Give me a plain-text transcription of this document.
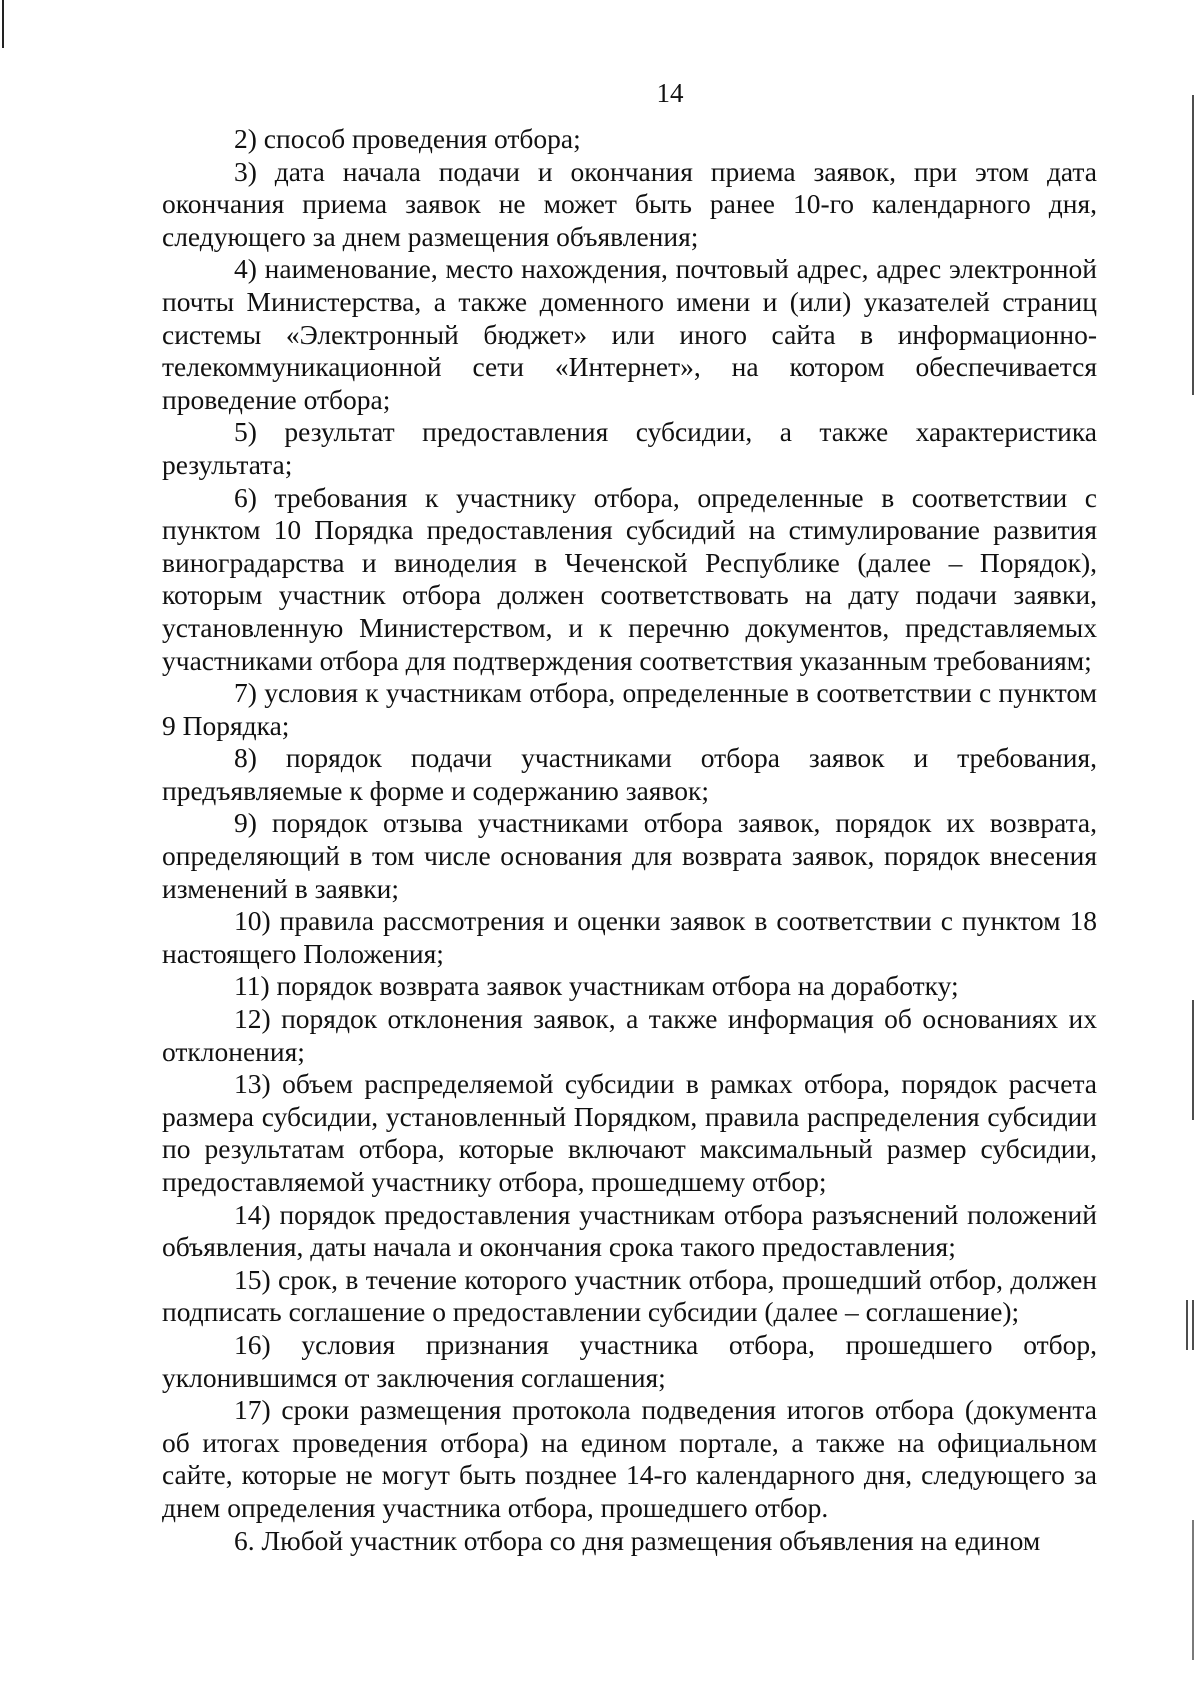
14

2) способ проведения отбора;

3) дата начала подачи и окончания приема заявок, при этом дата окончания приема заявок не может быть ранее 10-го календарного дня, следующего за днем размещения объявления;

4) наименование, место нахождения, почтовый адрес, адрес электронной почты Министерства, а также доменного имени и (или) указателей страниц системы «Электронный бюджет» или иного сайта в информационно-телекоммуникационной сети «Интернет», на котором обеспечивается проведение отбора;

5) результат предоставления субсидии, а также характеристика результата;

6) требования к участнику отбора, определенные в соответствии с пунктом 10 Порядка предоставления субсидий на стимулирование развития виноградарства и виноделия в Чеченской Республике (далее – Порядок), которым участник отбора должен соответствовать на дату подачи заявки, установленную Министерством, и к перечню документов, представляемых участниками отбора для подтверждения соответствия указанным требованиям;

7) условия к участникам отбора, определенные в соответствии с пунктом 9 Порядка;

8) порядок подачи участниками отбора заявок и требования, предъявляемые к форме и содержанию заявок;

9) порядок отзыва участниками отбора заявок, порядок их возврата, определяющий в том числе основания для возврата заявок, порядок внесения изменений в заявки;

10) правила рассмотрения и оценки заявок в соответствии с пунктом 18 настоящего Положения;

11) порядок возврата заявок участникам отбора на доработку;

12) порядок отклонения заявок, а также информация об основаниях их отклонения;

13) объем распределяемой субсидии в рамках отбора, порядок расчета размера субсидии, установленный Порядком, правила распределения субсидии по результатам отбора, которые включают максимальный размер субсидии, предоставляемой участнику отбора, прошедшему отбор;

14) порядок предоставления участникам отбора разъяснений положений объявления, даты начала и окончания срока такого предоставления;

15) срок, в течение которого участник отбора, прошедший отбор, должен подписать соглашение о предоставлении субсидии (далее – соглашение);

16) условия признания участника отбора, прошедшего отбор, уклонившимся от заключения соглашения;

17) сроки размещения протокола подведения итогов отбора (документа об итогах проведения отбора) на едином портале, а также на официальном сайте, которые не могут быть позднее 14-го календарного дня, следующего за днем определения участника отбора, прошедшего отбор.

6. Любой участник отбора со дня размещения объявления на едином
